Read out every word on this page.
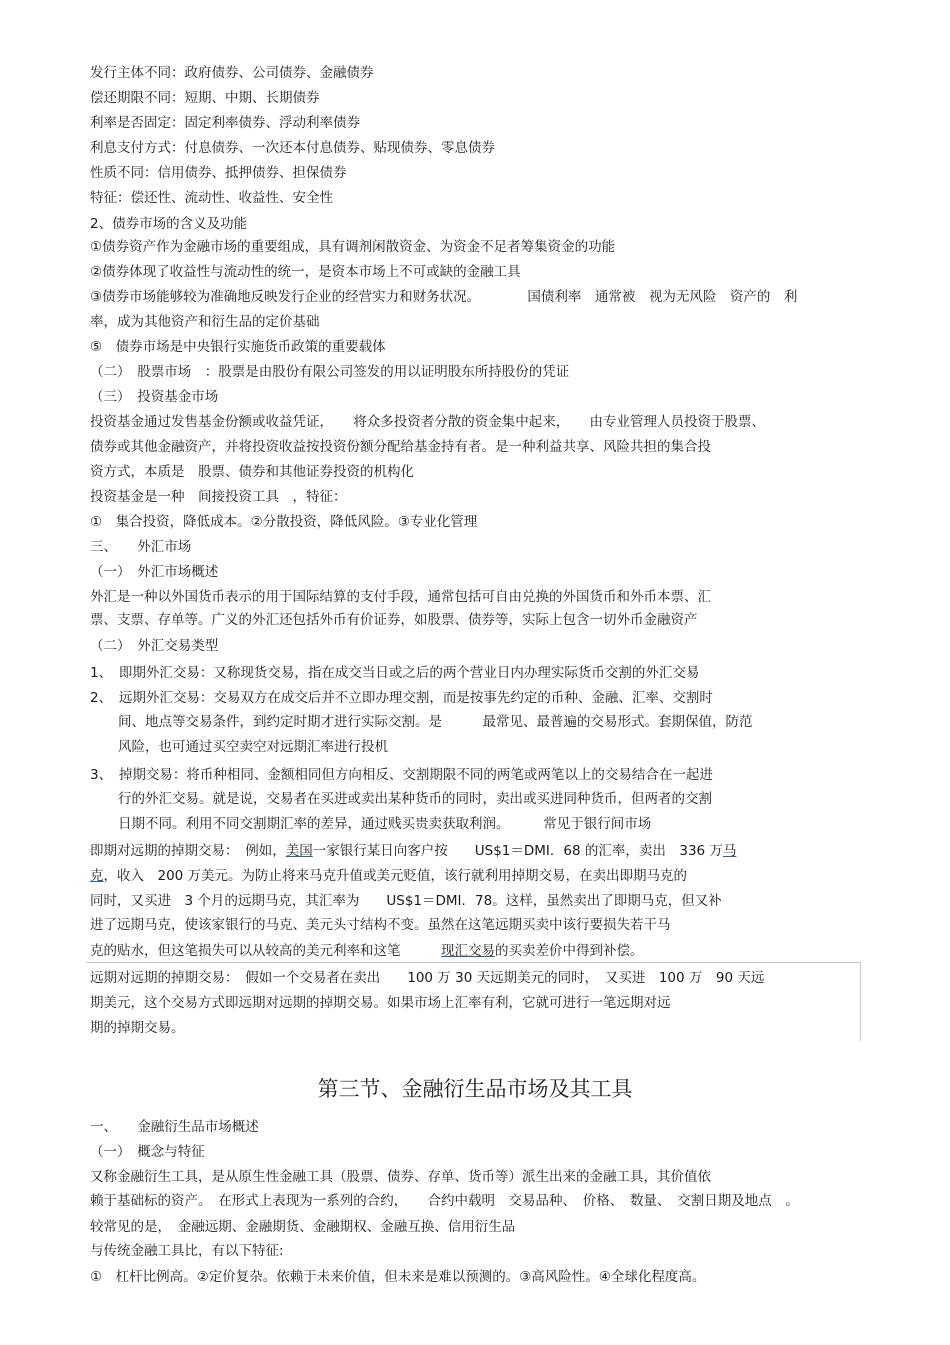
发行主体不同：政府债券、公司债券、金融债券
偿还期限不同：短期、中期、长期债券
利率是否固定：固定利率债券、浮动利率债券
利息支付方式：付息债券、一次还本付息债券、贴现债券、零息债券
性质不同：信用债券、抵押债券、担保债券
特征：偿还性、流动性、收益性、安全性
2、债券市场的含义及功能
①债券资产作为金融市场的重要组成，具有调剂闲散资金、为资金不足者筹集资金的功能
②债券体现了收益性与流动性的统一，是资本市场上不可或缺的金融工具
③债券市场能够较为准确地反映发行企业的经营实力和财务状况。　　　　国债利率　通常被　视为无风险　资产的　利
率，成为其他资产和衍生品的定价基础
⑤　债券市场是中央银行实施货币政策的重要载体
（二）　股票市场　：股票是由股份有限公司签发的用以证明股东所持股份的凭证
（三）　投资基金市场
投资基金通过发售基金份额或收益凭证，　　将众多投资者分散的资金集中起来，　　由专业管理人员投资于股票、
债券或其他金融资产，并将投资收益按投资份额分配给基金持有者。是一种利益共享、风险共担的集合投
资方式，本质是　股票、债券和其他证券投资的机构化
投资基金是一种　间接投资工具　，特征：
①　集合投资，降低成本。②分散投资，降低风险。③专业化管理
三、　　外汇市场
（一）　外汇市场概述
外汇是一种以外国货币表示的用于国际结算的支付手段，通常包括可自由兑换的外国货币和外币本票、汇
票、支票、存单等。广义的外汇还包括外币有价证券，如股票、债券等，实际上包含一切外币金融资产
（二）　外汇交易类型
1、　即期外汇交易：又称现货交易，指在成交当日或之后的两个营业日内办理实际货币交割的外汇交易
2、　远期外汇交易：交易双方在成交后并不立即办理交割，而是按事先约定的币种、金融、汇率、交割时
间、地点等交易条件，到约定时期才进行实际交割。是　　　最常见、最普遍的交易形式。套期保值，防范
风险，也可通过买空卖空对远期汇率进行投机
3、　掉期交易：将币种相同、金额相同但方向相反、交割期限不同的两笔或两笔以上的交易结合在一起进
行的外汇交易。就是说，交易者在买进或卖出某种货币的同时，卖出或买进同种货币，但两者的交割
日期不同。利用不同交割期汇率的差异，通过贱买贵卖获取利润。　　　常见于银行间市场
即期对远期的掉期交易：　例如，美国一家银行某日向客户按　　US$1＝DMI．68 的汇率，卖出　336 万马
克，收入　200 万美元。为防止将来马克升值或美元贬值，该行就利用掉期交易，在卖出即期马克的
同时，又买进　3 个月的远期马克，其汇率为　　US$1＝DMI．78。这样，虽然卖出了即期马克，但又补
进了远期马克，使该家银行的马克、美元头寸结构不变。虽然在这笔远期买卖中该行要损失若干马
克的贴水，但这笔损失可以从较高的美元利率和这笔　　　现汇交易的买卖差价中得到补偿。
远期对远期的掉期交易：　假如一个交易者在卖出　　100 万 30 天远期美元的同时，　又买进　100 万　90 天远
期美元，这个交易方式即远期对远期的掉期交易。如果市场上汇率有利，它就可进行一笔远期对远
期的掉期交易。
第三节、金融衍生品市场及其工具
一、　　金融衍生品市场概述
（一）　概念与特征
又称金融衍生工具，是从原生性金融工具（股票、债券、存单、货币等）派生出来的金融工具，其价值依
赖于基础标的资产。　在形式上表现为一系列的合约，　　合约中载明　交易品种、　价格、　数量、　交割日期及地点　。
较常见的是，　金融远期、金融期货、金融期权、金融互换、信用衍生品
与传统金融工具比，有以下特征:
①　杠杆比例高。②定价复杂。依赖于未来价值，但未来是难以预测的。③高风险性。④全球化程度高。
